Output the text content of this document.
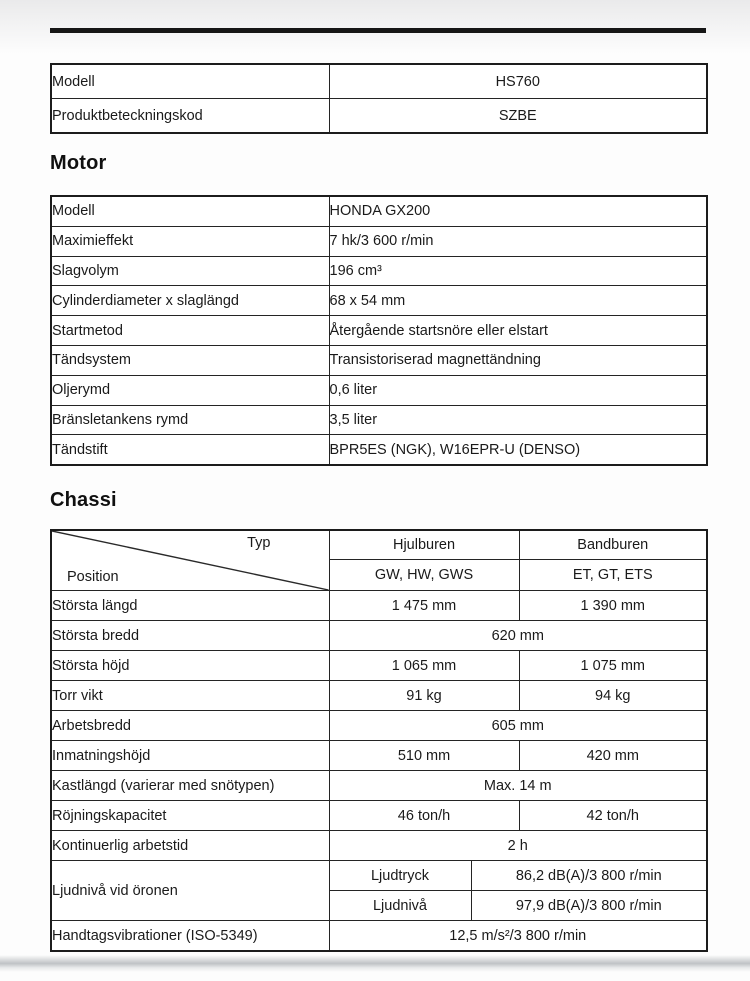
Modell	HS760
Produktbeteckningskod	SZBE
Motor
Modell	HONDA GX200
Maximieffekt	7 hk/3 600 r/min
Slagvolym	196 cm³
Cylinderdiameter x slaglängd	68 x 54 mm
Startmetod	Återgående startsnöre eller elstart
Tändsystem	Transistoriserad magnettändning
Oljerymd	0,6 liter
Bränsletankens rymd	3,5 liter
Tändstift	BPR5ES (NGK), W16EPR-U (DENSO)
Chassi
Typ
Position	Hjulburen		Bandburen
	GW, HW, GWS		ET, GT, ETS
Största längd	1 475 mm		1 390 mm
Största bredd	620 mm		
Största höjd	1 065 mm		1 075 mm
Torr vikt	91 kg		94 kg
Arbetsbredd	605 mm		
Inmatningshöjd	510 mm		420 mm
Kastlängd (varierar med snötypen)	Max. 14 m		
Röjningskapacitet	46 ton/h		42 ton/h
Kontinuerlig arbetstid	2 h		
Ljudnivå vid öronen	Ljudtryck	86,2 dB(A)/3 800 r/min	
	Ljudnivå	97,9 dB(A)/3 800 r/min	
Handtagsvibrationer (ISO-5349)	12,5 m/s²/3 800 r/min		
